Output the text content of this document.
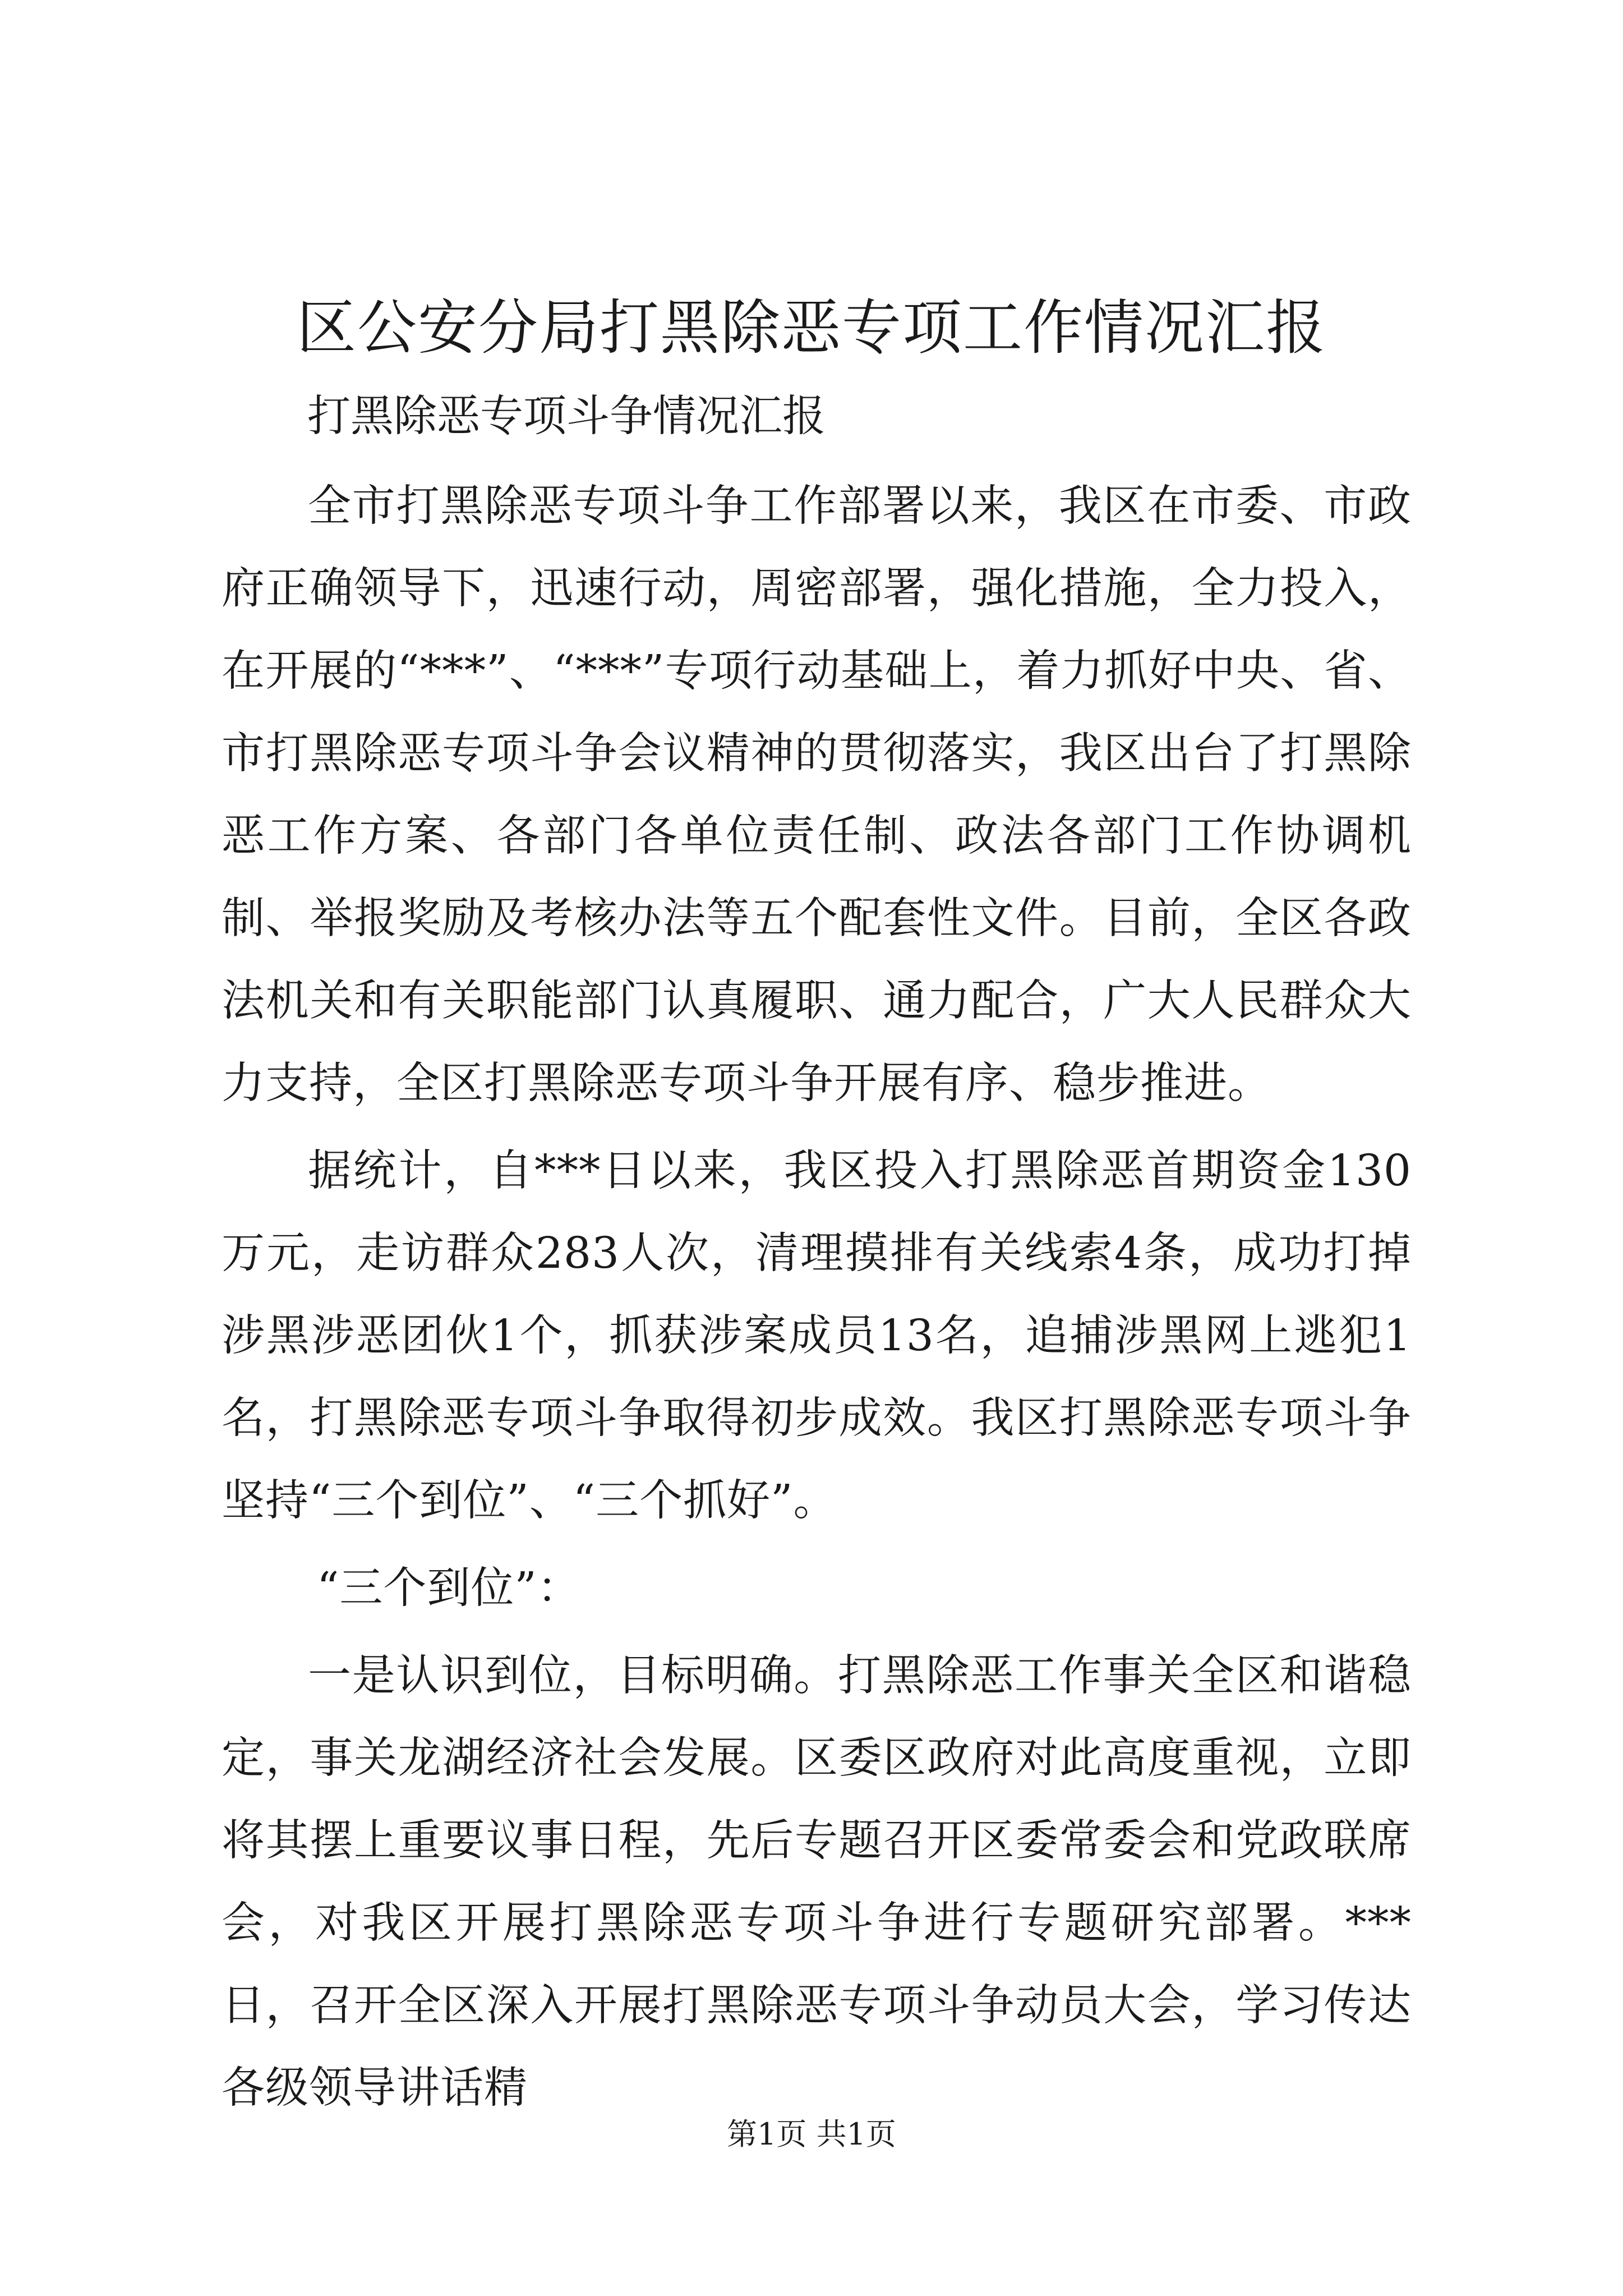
区公安分局打黑除恶专项工作情况汇报

打黑除恶专项斗争情况汇报

全市打黑除恶专项斗争工作部署以来，我区在市委、市政府正确领导下，迅速行动，周密部署，强化措施，全力投入，在开展的“***”、“***”专项行动基础上，着力抓好中央、省、市打黑除恶专项斗争会议精神的贯彻落实，我区出台了打黑除恶工作方案、各部门各单位责任制、政法各部门工作协调机制、举报奖励及考核办法等五个配套性文件。目前，全区各政法机关和有关职能部门认真履职、通力配合，广大人民群众大力支持，全区打黑除恶专项斗争开展有序、稳步推进。

据统计，自***日以来，我区投入打黑除恶首期资金130万元，走访群众283人次，清理摸排有关线索4条，成功打掉涉黑涉恶团伙1个，抓获涉案成员13名，追捕涉黑网上逃犯1名，打黑除恶专项斗争取得初步成效。我区打黑除恶专项斗争坚持“三个到位”、“三个抓好”。

“三个到位”：

一是认识到位，目标明确。打黑除恶工作事关全区和谐稳定，事关龙湖经济社会发展。区委区政府对此高度重视，立即将其摆上重要议事日程，先后专题召开区委常委会和党政联席会，对我区开展打黑除恶专项斗争进行专题研究部署。***日，召开全区深入开展打黑除恶专项斗争动员大会，学习传达各级领导讲话精

第1页 共1页
